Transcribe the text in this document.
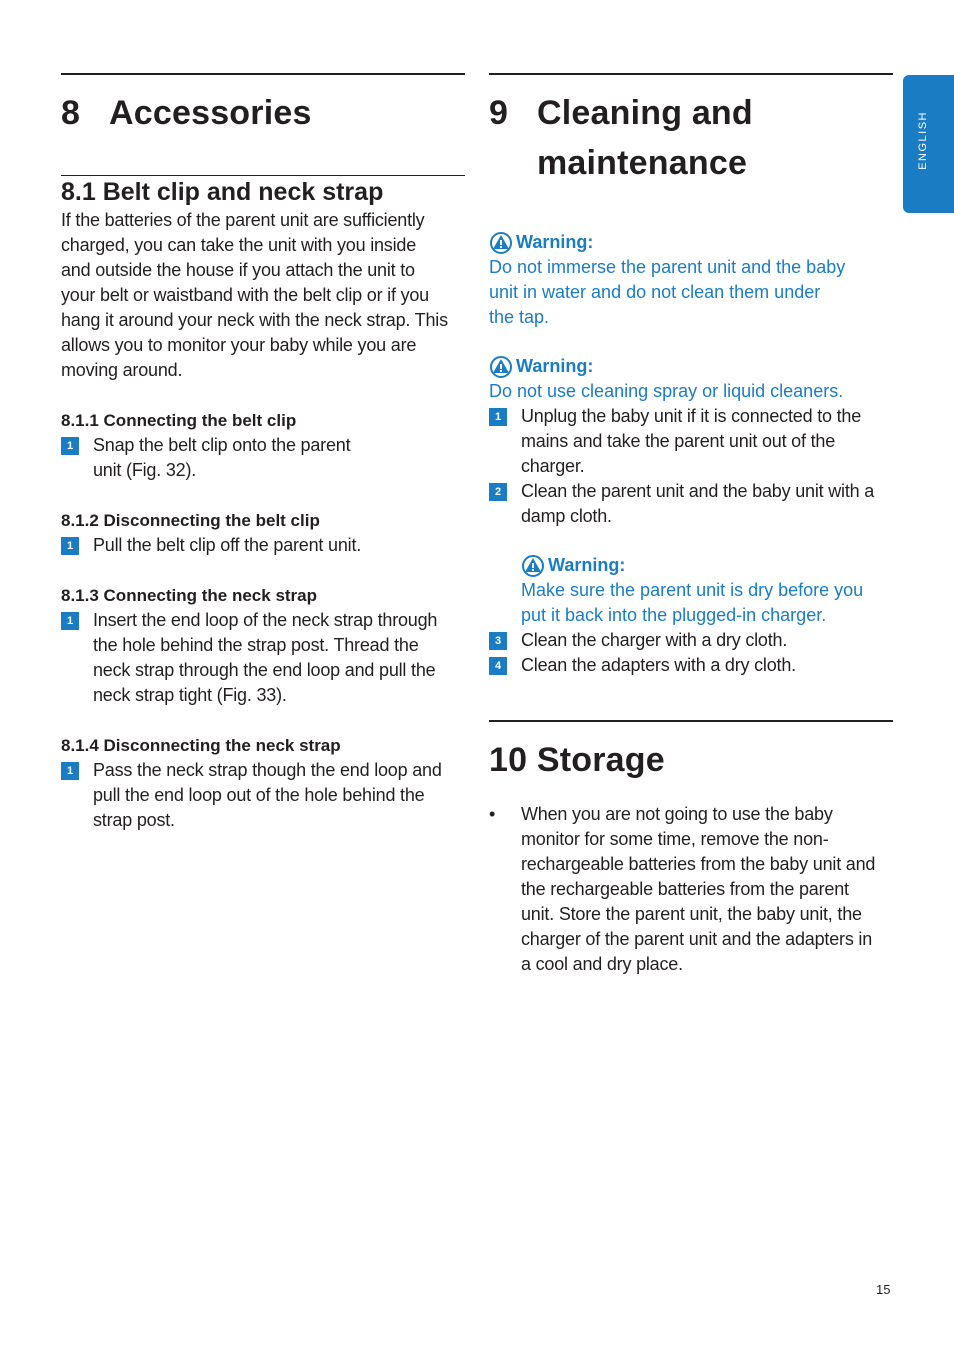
ENGLISH
8 Accessories
8.1 Belt clip and neck strap

If the batteries of the parent unit are sufficiently

charged, you can take the unit with you inside

and outside the house if you attach the unit to

your belt or waistband with the belt clip or if you

hang it around your neck with the neck strap. This

allows you to monitor your baby while you are

moving around.

8.1.1 Connecting the belt clip
1	Snap the belt clip onto the parent
unit (Fig. 32).
8.1.2 Disconnecting the belt clip
1	Pull the belt clip off the parent unit.
8.1.3 Connecting the neck strap
1	Insert the end loop of the neck strap through
the hole behind the strap post. Thread the
neck strap through the end loop and pull the
neck strap tight (Fig. 33).
8.1.4 Disconnecting the neck strap
1	Pass the neck strap though the end loop and
pull the end loop out of the hole behind the
strap post.
9 Cleaning and
maintenance
Warning:
Do not immerse the parent unit and the baby
unit in water and do not clean them under
the tap.
Warning:
Do not use cleaning spray or liquid cleaners.
1	Unplug the baby unit if it is connected to the
mains and take the parent unit out of the
charger.
2	Clean the parent unit and the baby unit with a
damp cloth.
Warning:
Make sure the parent unit is dry before you
put it back into the plugged-in charger.
3	Clean the charger with a dry cloth.
4	Clean the adapters with a dry cloth.
10 Storage
•	When you are not going to use the baby
monitor for some time, remove the non-
rechargeable batteries from the baby unit and
the rechargeable batteries from the parent
unit. Store the parent unit, the baby unit, the
charger of the parent unit and the adapters in
a cool and dry place.
15
